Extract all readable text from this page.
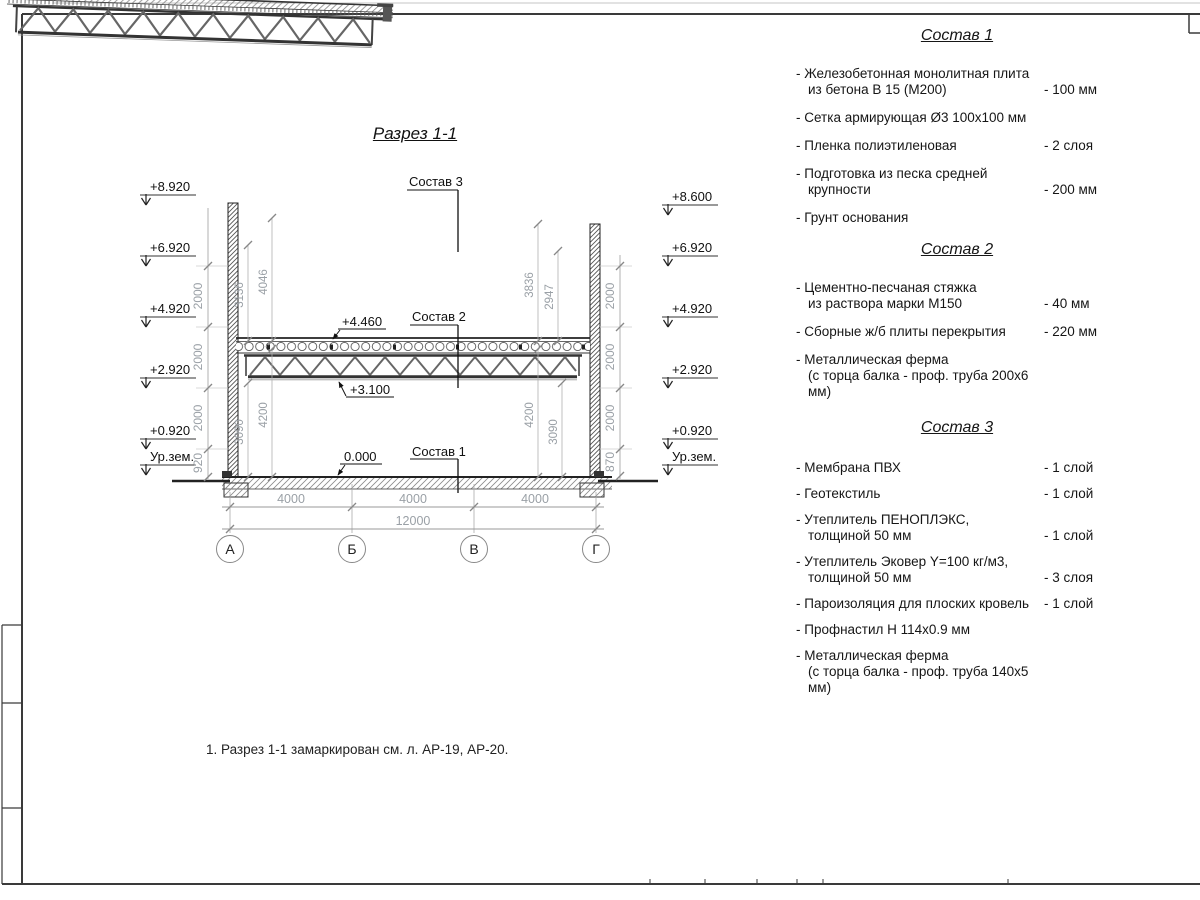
+8.920
+6.920
+4.920
+2.920
+0.920
Ур.зем.
+8.600
+6.920
+4.920
+2.920
+0.920
Ур.зем.
2000
2000
2000
920
2000
2000
2000
870
3136
4046	3836 2947
3090
4200	4200
3090
Состав 3
Состав 2
Состав 1
+4.460
+3.100
0.000
4000	4000	4000
12000
А	Б	В	Г
Разрез 1-1
Состав 1
- Железобетонная монолитная плита
из бетона В 15 (М200)	- 100 мм
- Сетка армирующая Ø3 100х100 мм
- Пленка полиэтиленовая	- 2 слоя
- Подготовка из песка средней
крупности	- 200 мм
- Грунт основания
Состав 2
- Цементно-песчаная стяжка
из раствора марки М150	- 40 мм
- Сборные ж/б плиты перекрытия	- 220 мм
- Металлическая ферма
(с торца балка - проф. труба 200х6 мм)
Состав 3
- Мембрана ПВХ	- 1 слой
- Геотекстиль	- 1 слой
- Утеплитель ПЕНОПЛЭКС,
толщиной 50 мм	- 1 слой
- Утеплитель Эковер Y=100 кг/м3,
толщиной 50 мм	- 3 слоя
- Пароизоляция для плоских кровель	- 1 слой
- Профнастил Н 114х0.9 мм
- Металлическая ферма
(с торца балка - проф. труба 140х5 мм)
1. Разрез 1-1 замаркирован см. л. АР-19, АР-20.
